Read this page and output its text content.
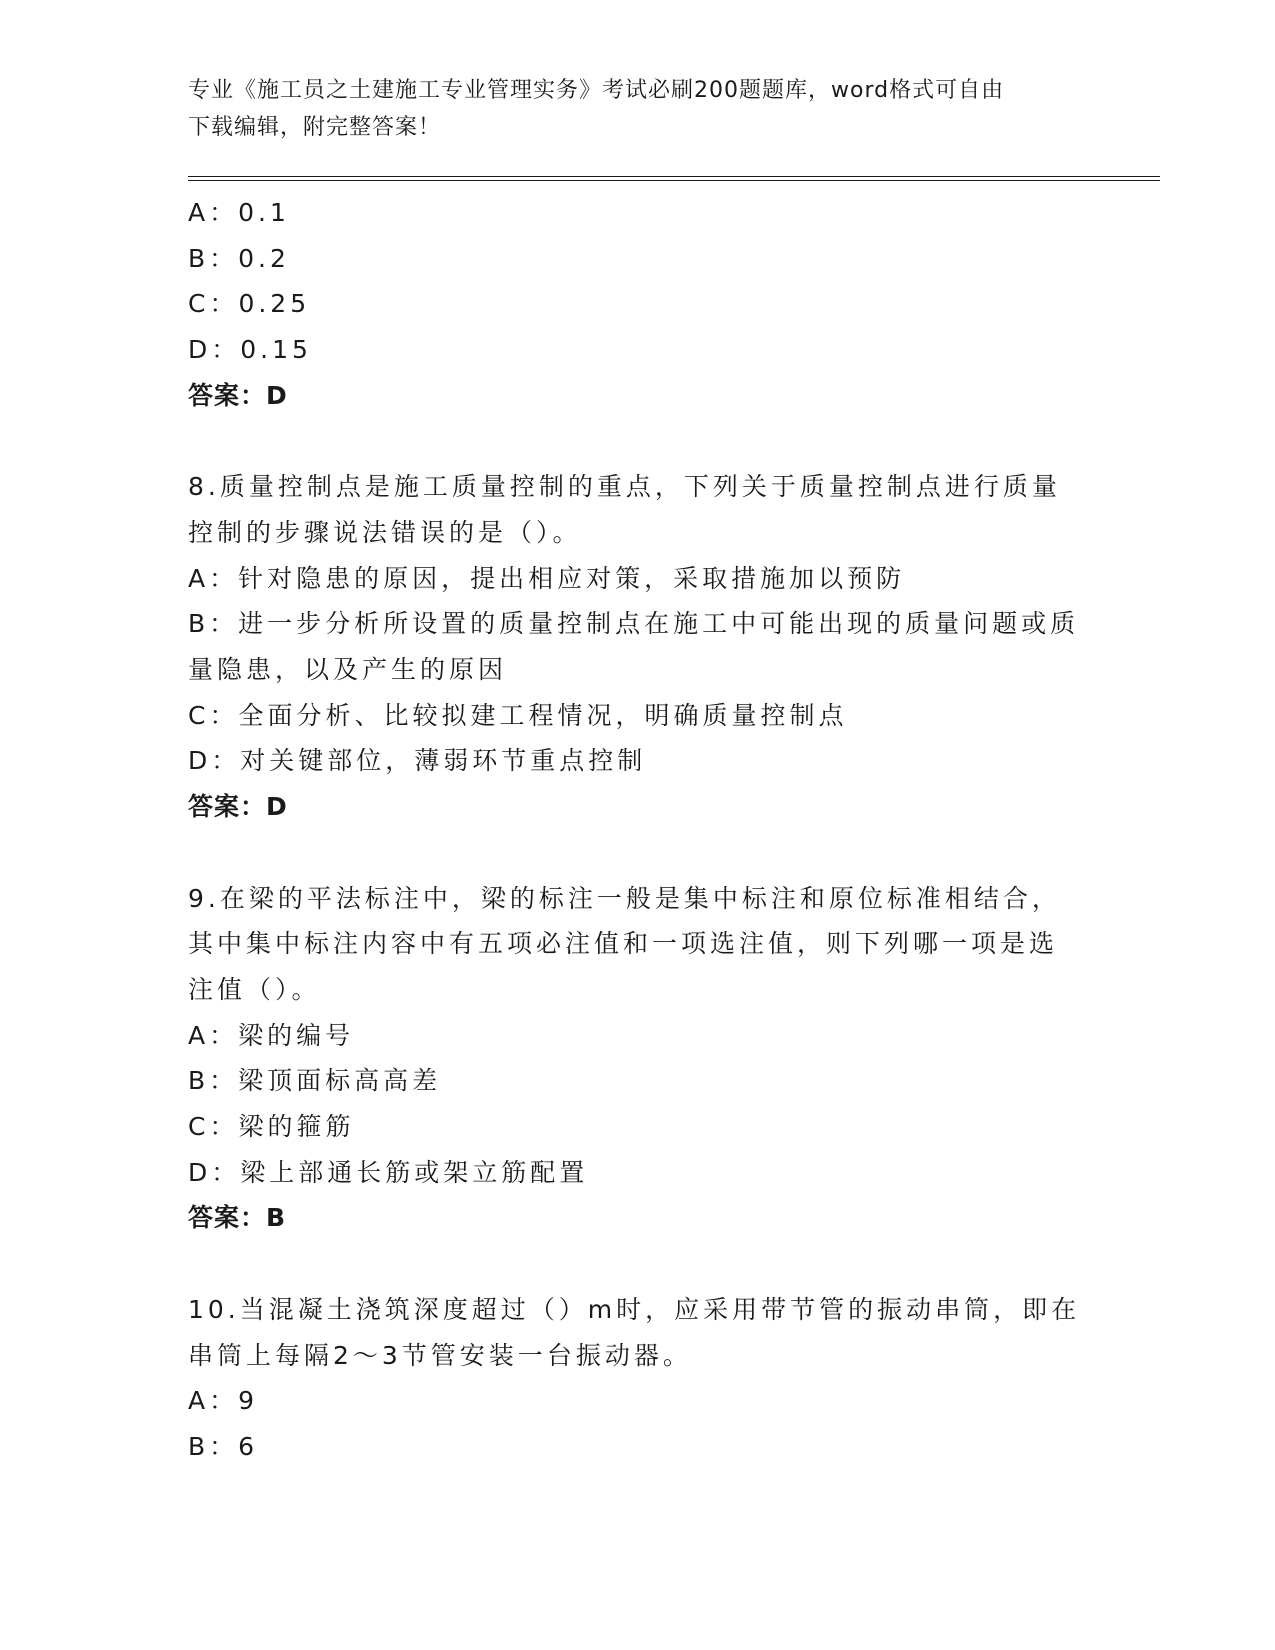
专业《施工员之土建施工专业管理实务》考试必刷200题题库，word格式可自由
下载编辑，附完整答案！
A：0.1
B：0.2
C：0.25
D：0.15
答案：D
8.质量控制点是施工质量控制的重点，下列关于质量控制点进行质量
控制的步骤说法错误的是（）。
A：针对隐患的原因，提出相应对策，采取措施加以预防
B：进一步分析所设置的质量控制点在施工中可能出现的质量问题或质
量隐患，以及产生的原因
C：全面分析、比较拟建工程情况，明确质量控制点
D：对关键部位，薄弱环节重点控制
答案：D
9.在梁的平法标注中，梁的标注一般是集中标注和原位标准相结合，
其中集中标注内容中有五项必注值和一项选注值，则下列哪一项是选
注值（）。
A：梁的编号
B：梁顶面标高高差
C：梁的箍筋
D：梁上部通长筋或架立筋配置
答案：B
10.当混凝土浇筑深度超过（）m时，应采用带节管的振动串筒，即在
串筒上每隔2～3节管安装一台振动器。
A：9
B：6
